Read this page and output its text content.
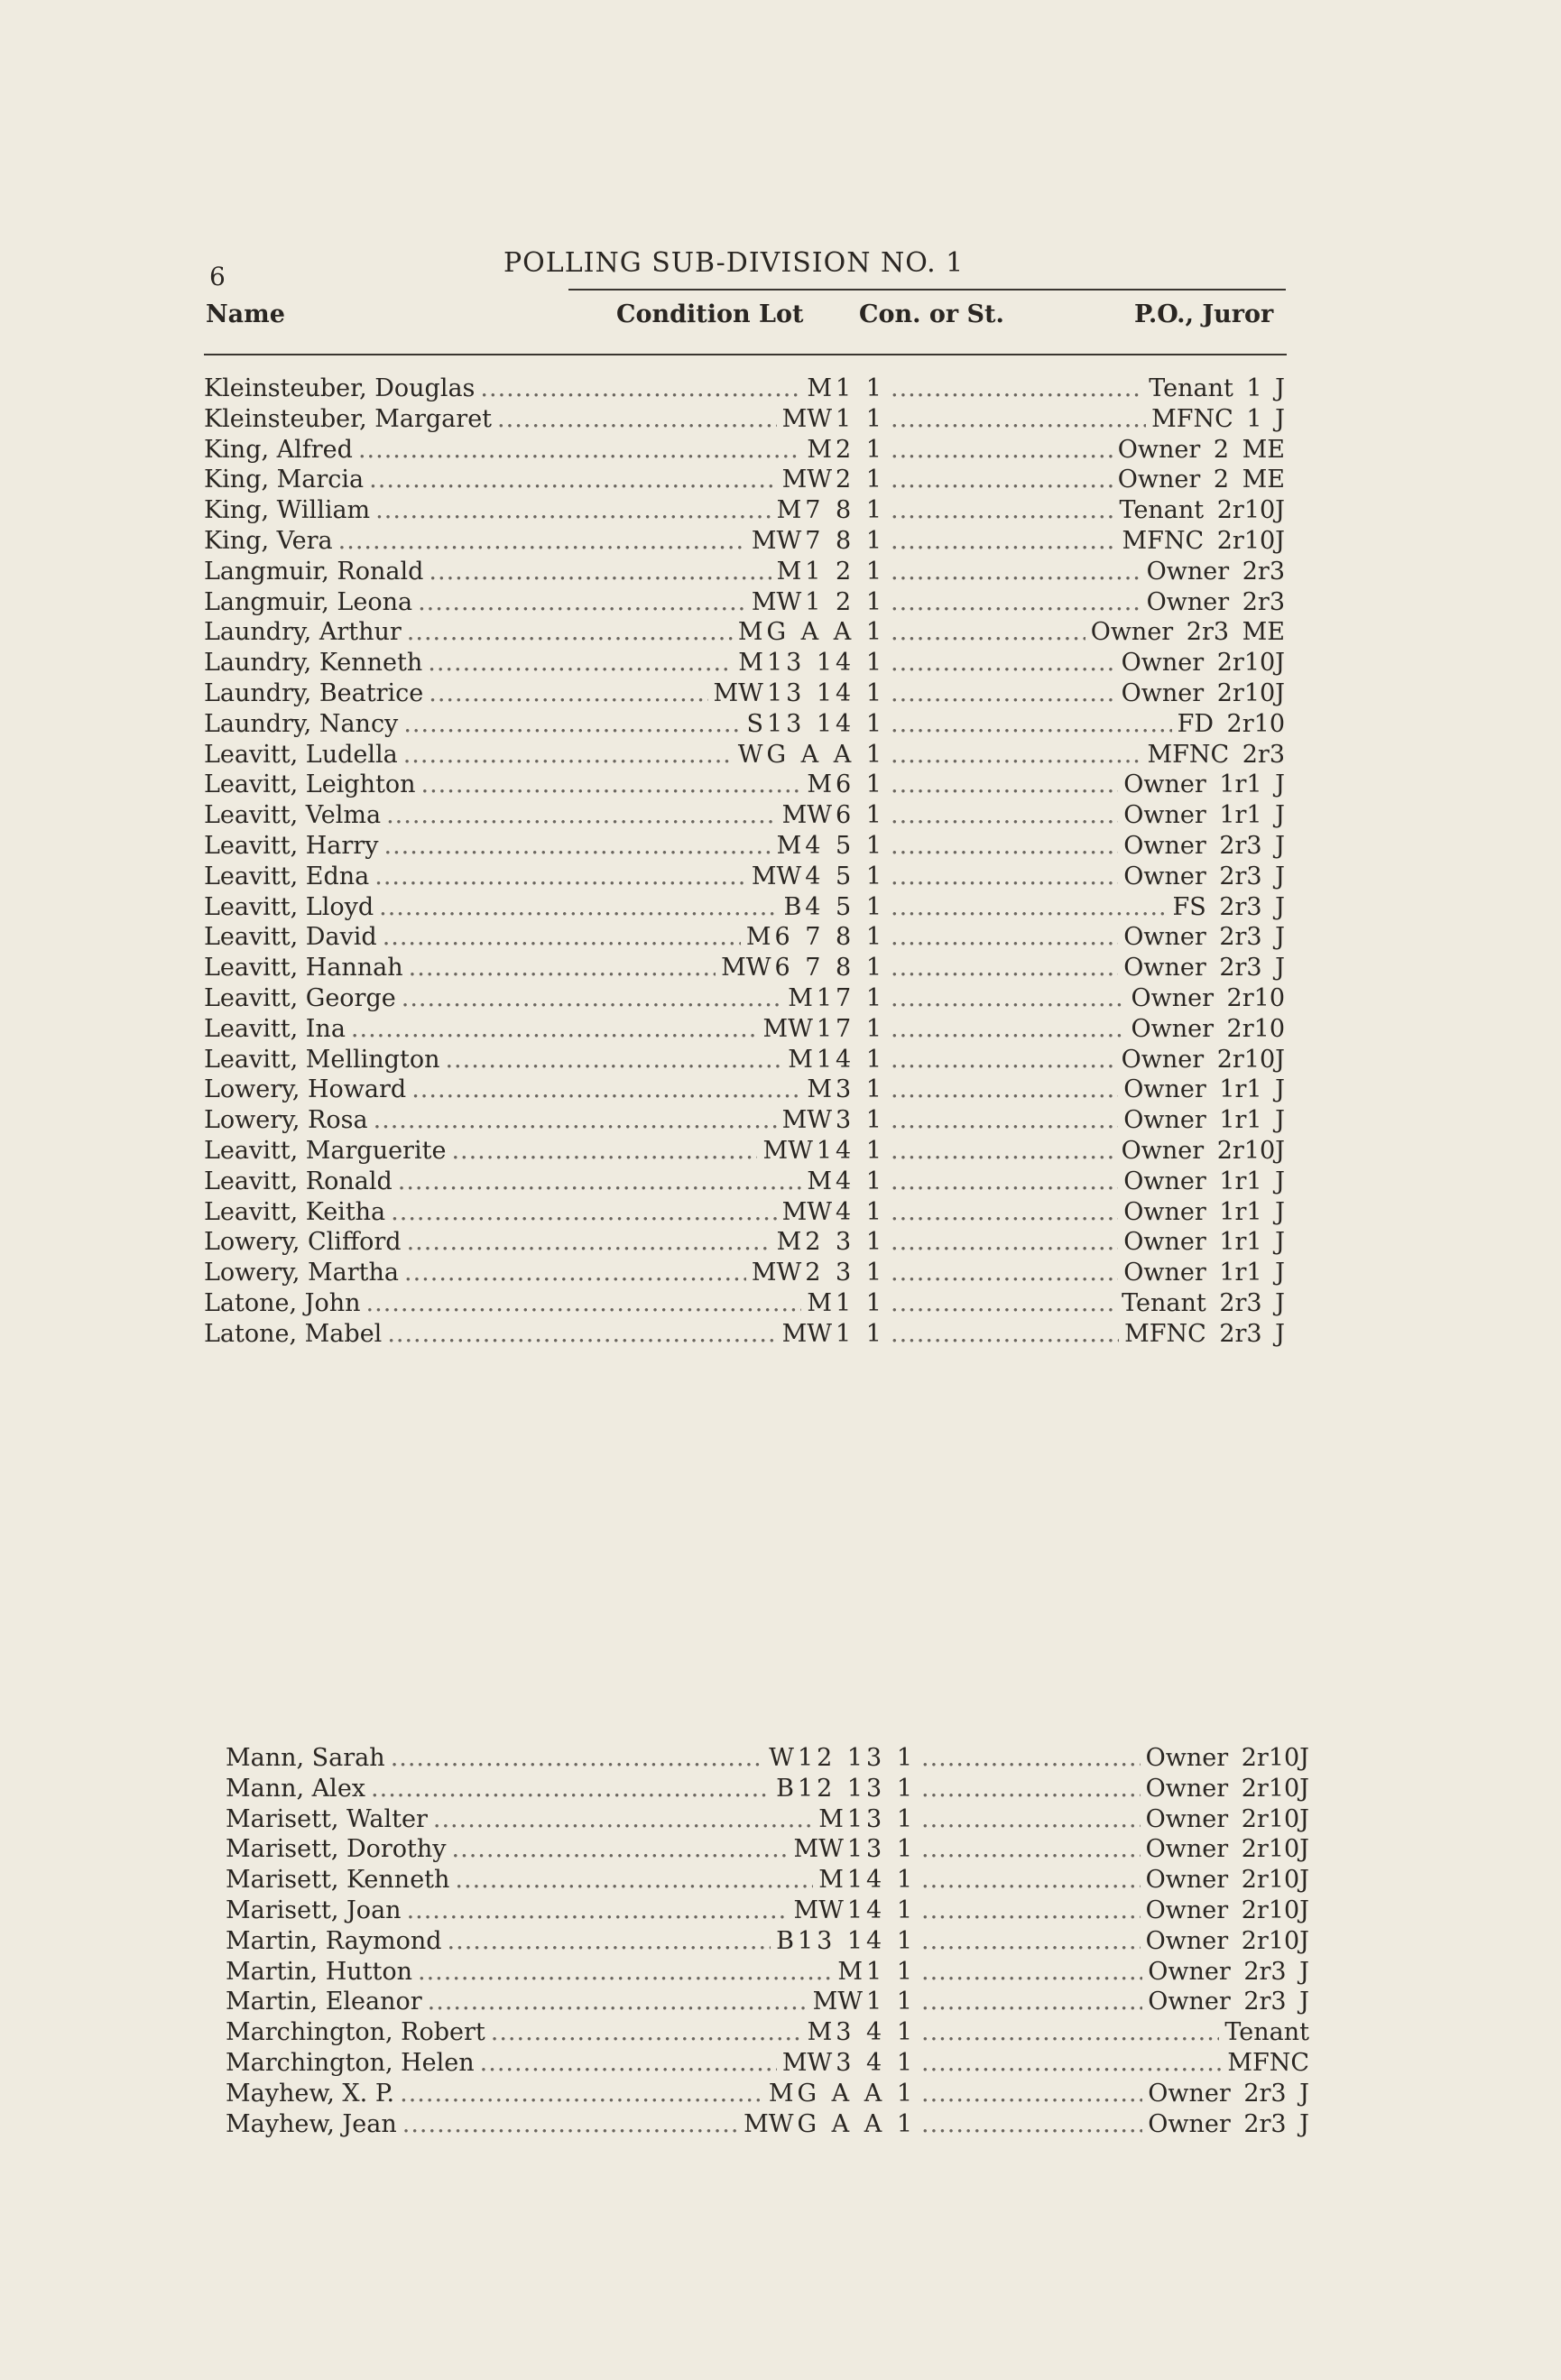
6	POLLING SUB-DIVISION NO. 1
Name	Condition Lot Con. or St.	P.O., Juror
Kleinsteuber, Douglas .....	M 1 1 .....	Tenant 1 J
Kleinsteuber, Margaret .....	MW 1 1 .....	MFNC 1 J
King, Alfred .....	M 2 1 .....	Owner 2 ME
King, Marcia .....	MW 2 1 .....	Owner 2 ME
King, William .....	M 7 8 1 .....	Tenant 2r10J
King, Vera .....	MW 7 8 1 .....	MFNC 2r10J
Langmuir, Ronald .....	M 1 2 1 .....	Owner 2r3
Langmuir, Leona .....	MW 1 2 1 .....	Owner 2r3
Laundry, Arthur .....	M G A A 1 .....	Owner 2r3 ME
Laundry, Kenneth .....	M 13 14 1 .....	Owner 2r10J
Laundry, Beatrice .....	MW 13 14 1 .....	Owner 2r10J
Laundry, Nancy .....	S 13 14 1 .....	FD 2r10
Leavitt, Ludella .....	W G A A 1 .....	MFNC 2r3
Leavitt, Leighton .....	M 6 1 .....	Owner 1r1 J
Leavitt, Velma .....	MW 6 1 .....	Owner 1r1 J
Leavitt, Harry .....	M 4 5 1 .....	Owner 2r3 J
Leavitt, Edna .....	MW 4 5 1 .....	Owner 2r3 J
Leavitt, Lloyd .....	B 4 5 1 .....	FS 2r3 J
Leavitt, David .....	M 6 7 8 1 .....	Owner 2r3 J
Leavitt, Hannah .....	MW 6 7 8 1 .....	Owner 2r3 J
Leavitt, George .....	M 17 1 .....	Owner 2r10
Leavitt, Ina .....	MW 17 1 .....	Owner 2r10
Leavitt, Mellington .....	M 14 1 .....	Owner 2r10J
Lowery, Howard .....	M 3 1 .....	Owner 1r1 J
Lowery, Rosa .....	MW 3 1 .....	Owner 1r1 J
Leavitt, Marguerite .....	MW 14 1 .....	Owner 2r10J
Leavitt, Ronald .....	M 4 1 .....	Owner 1r1 J
Leavitt, Keitha .....	MW 4 1 .....	Owner 1r1 J
Lowery, Clifford .....	M 2 3 1 .....	Owner 1r1 J
Lowery, Martha .....	MW 2 3 1 .....	Owner 1r1 J
Latone, John .....	M 1 1 .....	Tenant 2r3 J
Latone, Mabel .....	MW 1 1 .....	MFNC 2r3 J
Mann, Sarah .....	W 12 13 1 .....	Owner 2r10J
Mann, Alex .....	B 12 13 1 .....	Owner 2r10J
Marisett, Walter .....	M 13 1 .....	Owner 2r10J
Marisett, Dorothy .....	MW 13 1 .....	Owner 2r10J
Marisett, Kenneth .....	M 14 1 .....	Owner 2r10J
Marisett, Joan .....	MW 14 1 .....	Owner 2r10J
Martin, Raymond .....	B 13 14 1 .....	Owner 2r10J
Martin, Hutton .....	M 1 1 .....	Owner 2r3 J
Martin, Eleanor .....	MW 1 1 .....	Owner 2r3 J
Marchington, Robert .....	M 3 4 1 .....	Tenant
Marchington, Helen .....	MW 3 4 1 .....	MFNC
Mayhew, X. P. .....	M G A A 1 .....	Owner 2r3 J
Mayhew, Jean .....	MW G A A 1 .....	Owner 2r3 J
